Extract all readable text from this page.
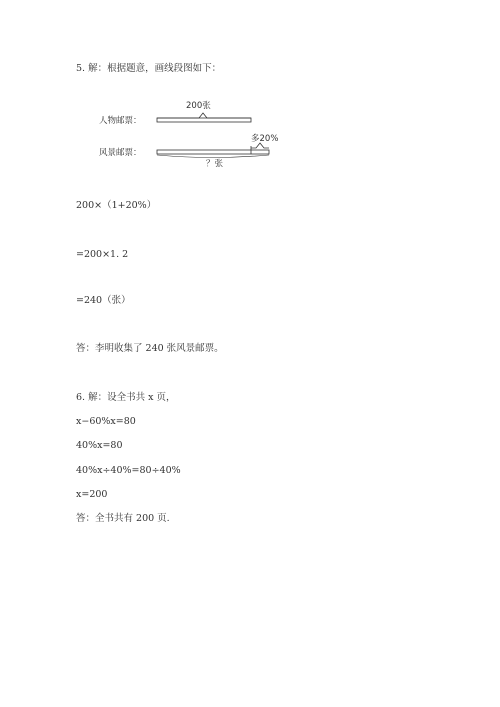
5. 解：根据题意，画线段图如下：
200张
人物邮票：
多20%
风景邮票：
？张
200×（1+20%）
=200×1. 2
=240（张）
答：李明收集了 240 张风景邮票。
6. 解：设全书共 x 页，
x−60%x=80
40%x=80
40%x÷40%=80÷40%
x=200
答：全书共有 200 页.
